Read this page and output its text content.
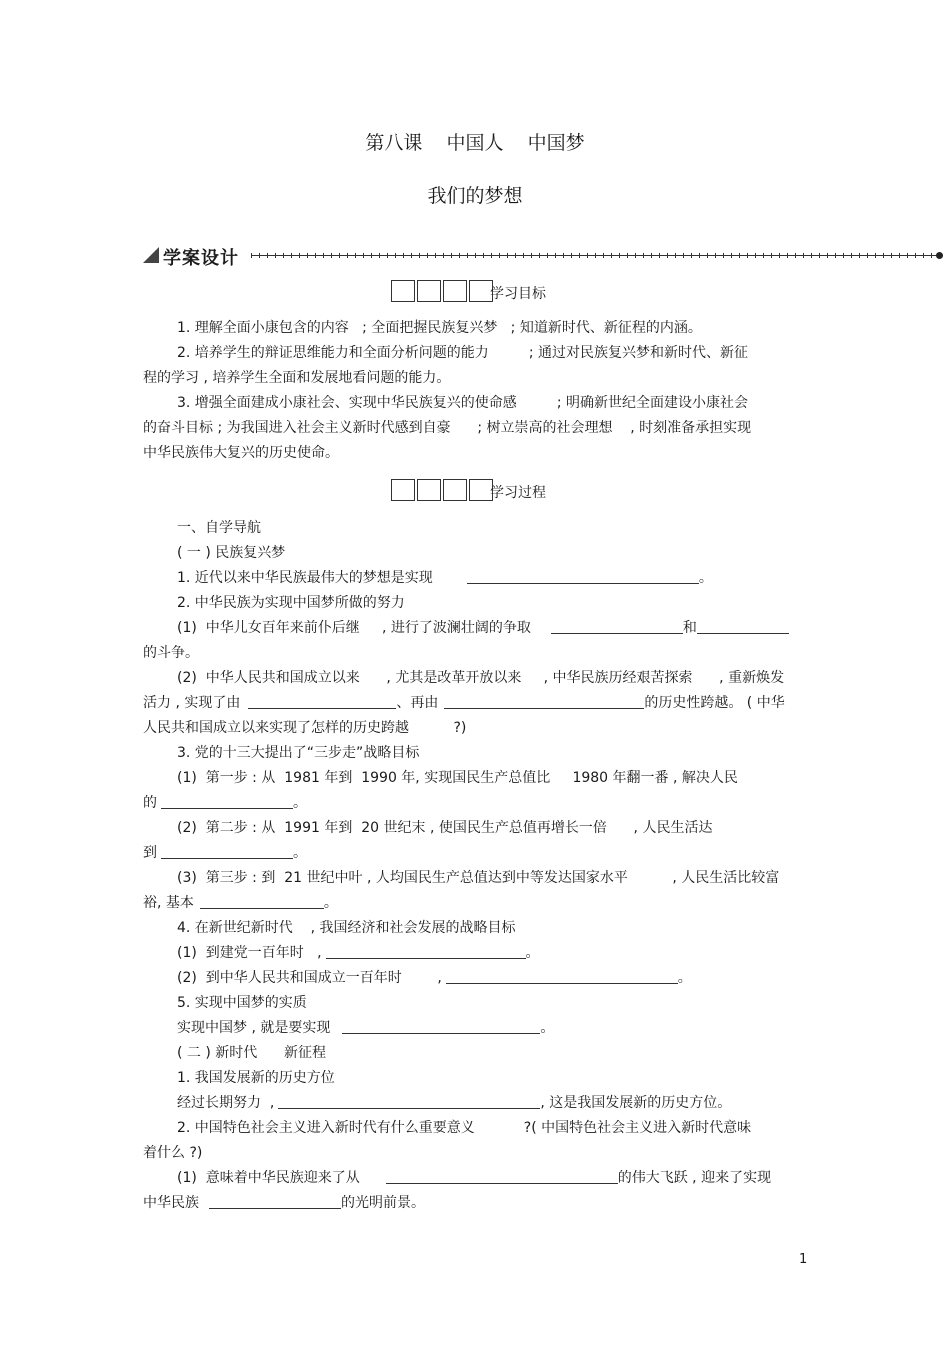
第八课    中国人    中国梦
我们的梦想
学案设计
学习目标
1. 理解全面小康包含的内容   ; 全面把握民族复兴梦   ; 知道新时代、新征程的内涵。
2. 培养学生的辩证思维能力和全面分析问题的能力         ; 通过对民族复兴梦和新时代、新征
程的学习 , 培养学生全面和发展地看问题的能力。
3. 增强全面建成小康社会、实现中华民族复兴的使命感         ; 明确新世纪全面建设小康社会
的奋斗目标 ; 为我国进入社会主义新时代感到自豪      ; 树立崇高的社会理想    , 时刻准备承担实现
中华民族伟大复兴的历史使命。
学习过程
一、自学导航
( 一 ) 民族复兴梦
1. 近代以来中华民族最伟大的梦想是实现	。
2. 中华民族为实现中国梦所做的努力
(1)  中华儿女百年来前仆后继     , 进行了波澜壮阔的争取	和
的斗争。
(2)  中华人民共和国成立以来      , 尤其是改革开放以来     , 中华民族历经艰苦探索      , 重新焕发
活力 , 实现了由	、再由	的历史性跨越。 ( 中华
人民共和国成立以来实现了怎样的历史跨越          ?)
3. 党的十三大提出了“三步走”战略目标
(1)  第一步 : 从  1981 年到  1990 年, 实现国民生产总值比     1980 年翻一番 , 解决人民
的	。
(2)  第二步 : 从  1991 年到  20 世纪末 , 使国民生产总值再增长一倍      , 人民生活达
到	。
(3)  第三步 : 到  21 世纪中叶 , 人均国民生产总值达到中等发达国家水平          , 人民生活比较富
裕, 基本	。
4. 在新世纪新时代    , 我国经济和社会发展的战略目标
(1)  到建党一百年时   ,	。
(2)  到中华人民共和国成立一百年时        ,	。
5. 实现中国梦的实质
实现中国梦 , 就是要实现	。
( 二 ) 新时代      新征程
1. 我国发展新的历史方位
经过长期努力  ,	, 这是我国发展新的历史方位。
2. 中国特色社会主义进入新时代有什么重要意义           ?( 中国特色社会主义进入新时代意味
着什么 ?)
(1)  意味着中华民族迎来了从	的伟大飞跃 , 迎来了实现
中华民族	的光明前景。
1
